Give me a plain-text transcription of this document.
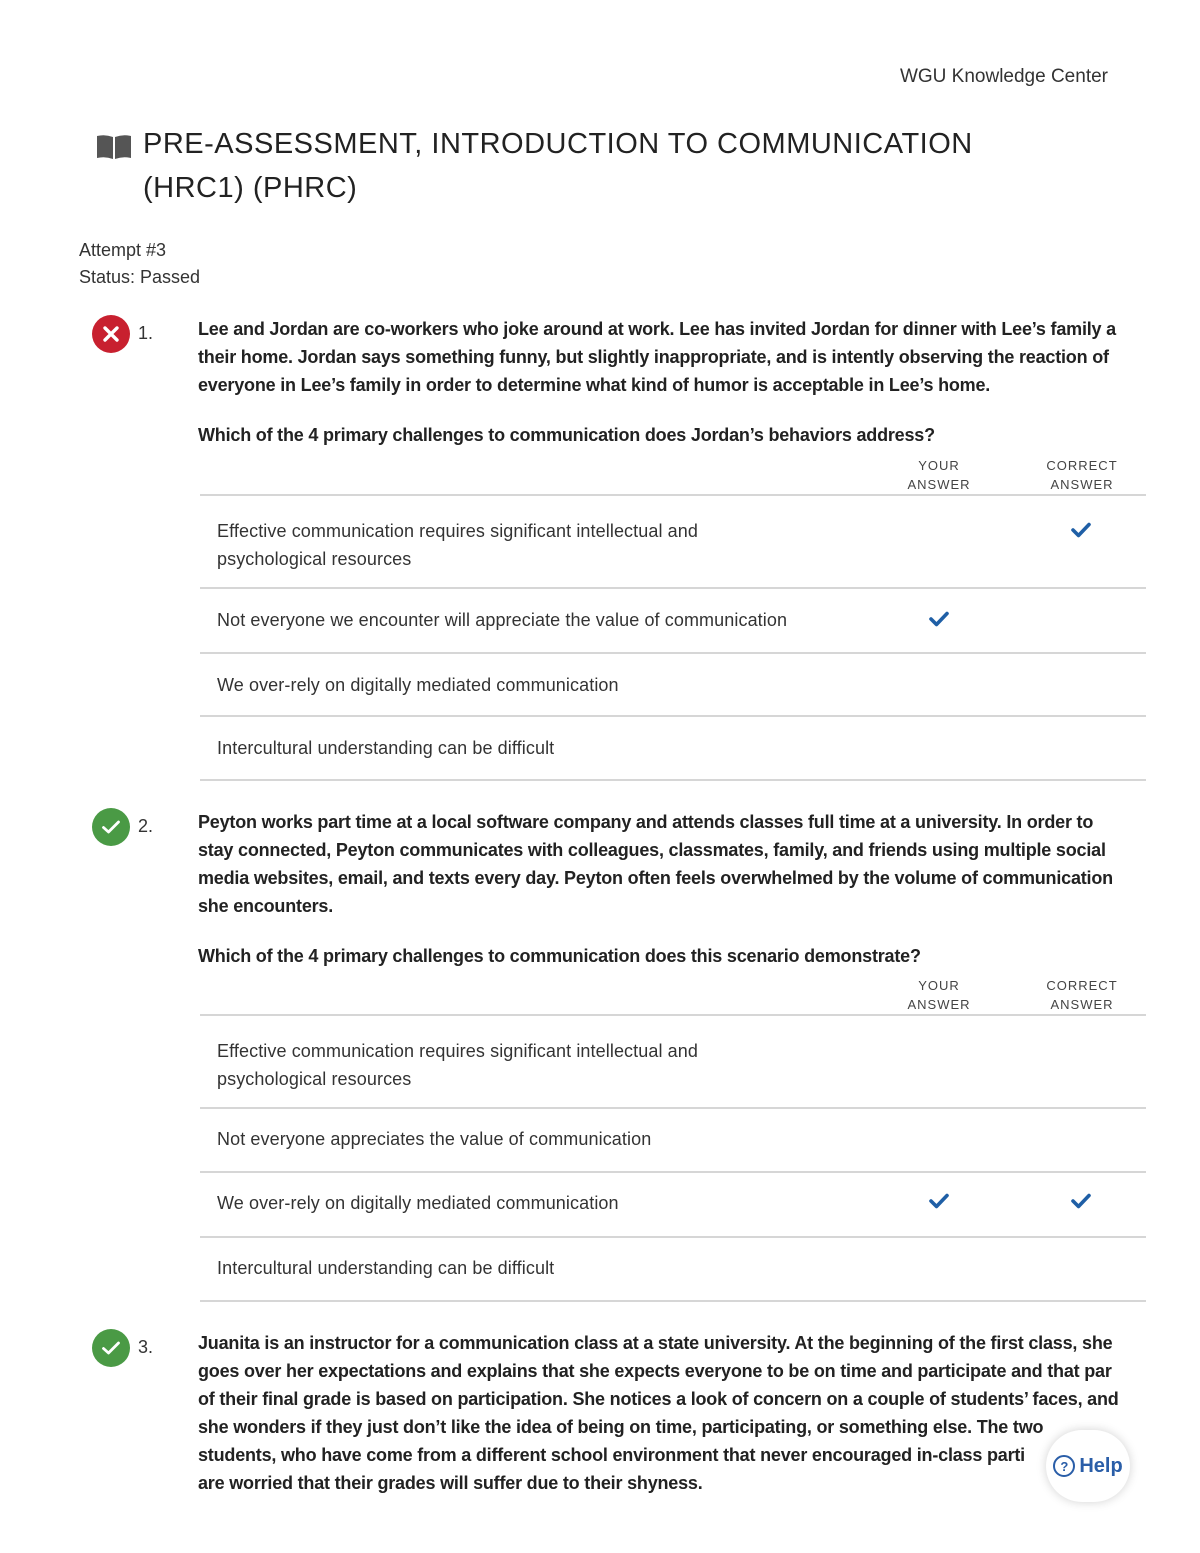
WGU Knowledge Center
PRE-ASSESSMENT, INTRODUCTION TO COMMUNICATION
(HRC1) (PHRC)
Attempt #3
Status: Passed
1. Lee and Jordan are co-workers who joke around at work. Lee has invited Jordan for dinner with Lee’s family a
their home. Jordan says something funny, but slightly inappropriate, and is intently observing the reaction of
everyone in Lee’s family in order to determine what kind of humor is acceptable in Lee’s home.
Which of the 4 primary challenges to communication does Jordan’s behaviors address?
YOUR
ANSWER
CORRECT
ANSWER
Effective communication requires significant intellectual and
psychological resources
Not everyone we encounter will appreciate the value of communication
We over-rely on digitally mediated communication
Intercultural understanding can be difficult
2. Peyton works part time at a local software company and attends classes full time at a university. In order to
stay connected, Peyton communicates with colleagues, classmates, family, and friends using multiple social
media websites, email, and texts every day. Peyton often feels overwhelmed by the volume of communication
she encounters.
Which of the 4 primary challenges to communication does this scenario demonstrate?
YOUR
ANSWER
CORRECT
ANSWER
Effective communication requires significant intellectual and
psychological resources
Not everyone appreciates the value of communication
We over-rely on digitally mediated communication
Intercultural understanding can be difficult
3. Juanita is an instructor for a communication class at a state university. At the beginning of the first class, she
goes over her expectations and explains that she expects everyone to be on time and participate and that par
of their final grade is based on participation. She notices a look of concern on a couple of students’ faces, and
she wonders if they just don’t like the idea of being on time, participating, or something else. The two
students, who have come from a different school environment that never encouraged in-class parti
are worried that their grades will suffer due to their shyness.
? Help
